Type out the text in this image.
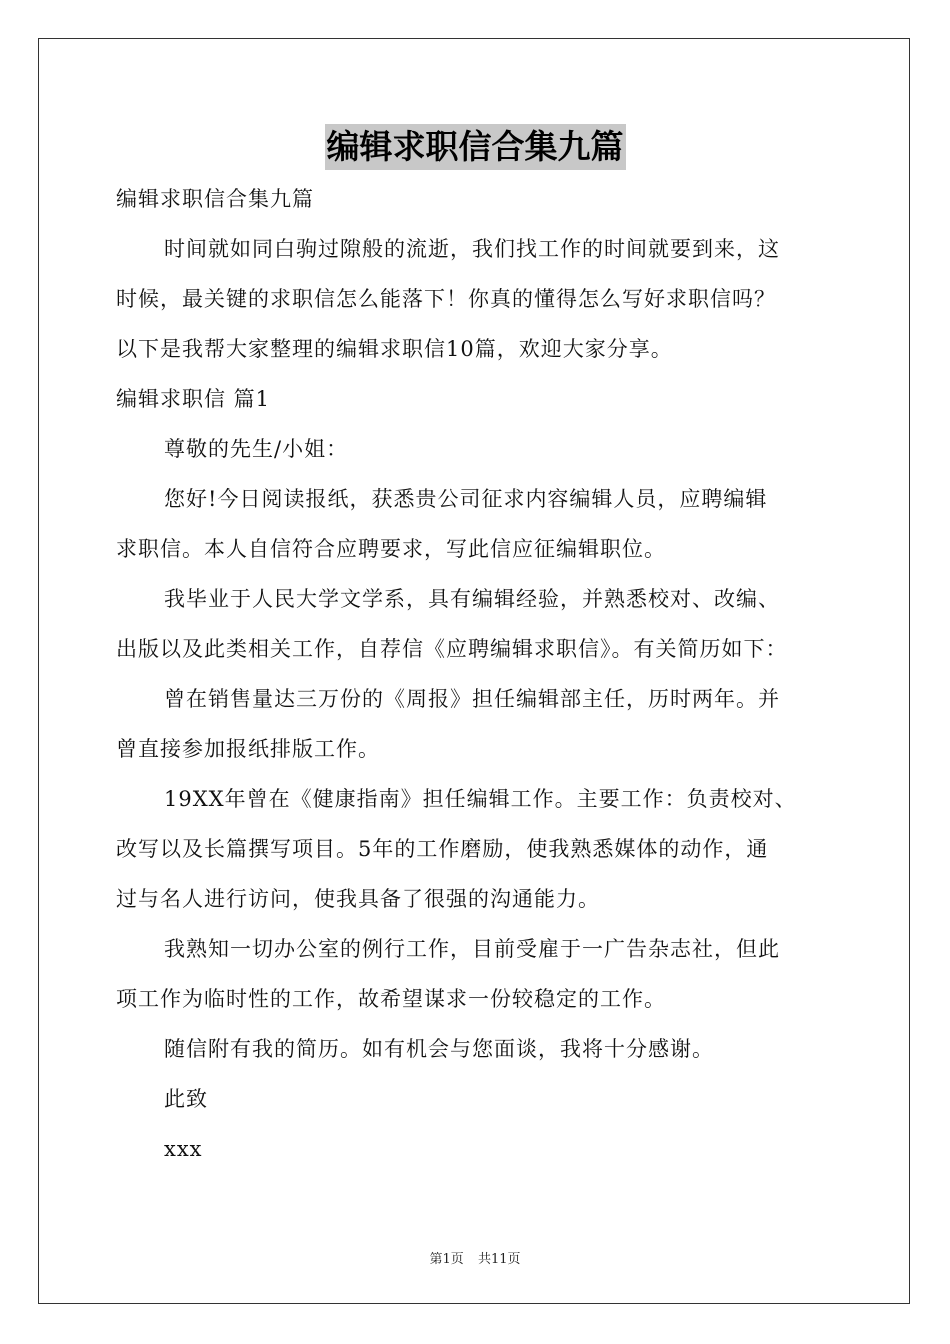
编辑求职信合集九篇
编辑求职信合集九篇
时间就如同白驹过隙般的流逝，我们找工作的时间就要到来，这
时候，最关键的求职信怎么能落下！你真的懂得怎么写好求职信吗？
以下是我帮大家整理的编辑求职信10篇，欢迎大家分享。
编辑求职信 篇1
尊敬的先生/小姐：
您好!今日阅读报纸，获悉贵公司征求内容编辑人员，应聘编辑
求职信。本人自信符合应聘要求，写此信应征编辑职位。
我毕业于人民大学文学系，具有编辑经验，并熟悉校对、改编、
出版以及此类相关工作，自荐信《应聘编辑求职信》。有关简历如下：
曾在销售量达三万份的《周报》担任编辑部主任，历时两年。并
曾直接参加报纸排版工作。
19XX年曾在《健康指南》担任编辑工作。主要工作：负责校对、
改写以及长篇撰写项目。5年的工作磨励，使我熟悉媒体的动作，通
过与名人进行访问，使我具备了很强的沟通能力。
我熟知一切办公室的例行工作，目前受雇于一广告杂志社，但此
项工作为临时性的工作，故希望谋求一份较稳定的工作。
随信附有我的简历。如有机会与您面谈，我将十分感谢。
此致
xxx
第1页 共11页
